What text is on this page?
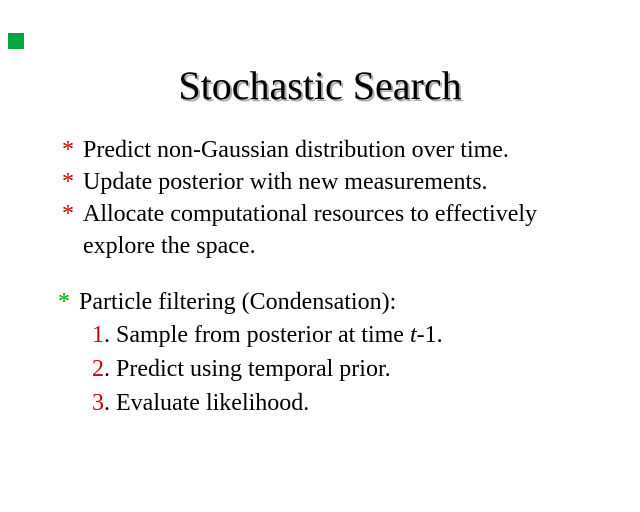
Stochastic Search
* Predict non-Gaussian distribution over time.
* Update posterior with new measurements.
* Allocate computational resources to effectively
explore the space.
* Particle filtering (Condensation):
1. Sample from posterior at time t-1.
2. Predict using temporal prior.
3. Evaluate likelihood.
